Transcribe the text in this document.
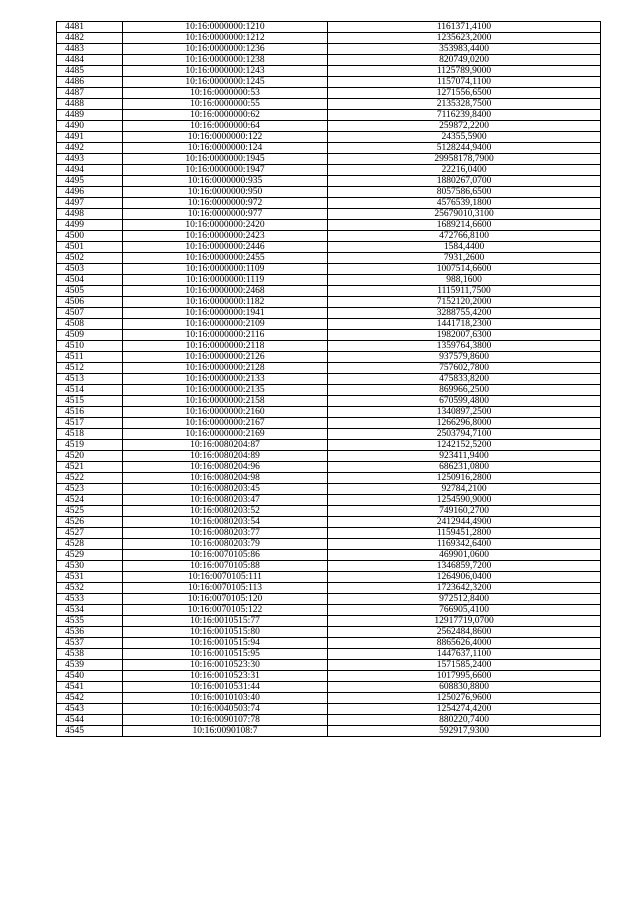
4481	10:16:0000000:1210	1161371,4100
4482	10:16:0000000:1212	1235623,2000
4483	10:16:0000000:1236	353983,4400
4484	10:16:0000000:1238	820749,0200
4485	10:16:0000000:1243	1125789,9000
4486	10:16:0000000:1245	1157074,1100
4487	10:16:0000000:53	1271556,6500
4488	10:16:0000000:55	2135328,7500
4489	10:16:0000000:62	7116239,8400
4490	10:16:0000000:64	259872,2200
4491	10:16:0000000:122	24355,5900
4492	10:16:0000000:124	5128244,9400
4493	10:16:0000000:1945	29958178,7900
4494	10:16:0000000:1947	22216,0400
4495	10:16:0000000:935	1880267,0700
4496	10:16:0000000:950	8057586,6500
4497	10:16:0000000:972	4576539,1800
4498	10:16:0000000:977	25679010,3100
4499	10:16:0000000:2420	1689214,6600
4500	10:16:0000000:2423	472766,8100
4501	10:16:0000000:2446	1584,4400
4502	10:16:0000000:2455	7931,2600
4503	10:16:0000000:1109	1007514,6600
4504	10:16:0000000:1119	988,1600
4505	10:16:0000000:2468	1115911,7500
4506	10:16:0000000:1182	7152120,2000
4507	10:16:0000000:1941	3288755,4200
4508	10:16:0000000:2109	1441718,2300
4509	10:16:0000000:2116	1982007,6300
4510	10:16:0000000:2118	1359764,3800
4511	10:16:0000000:2126	937579,8600
4512	10:16:0000000:2128	757602,7800
4513	10:16:0000000:2133	475833,8200
4514	10:16:0000000:2135	869966,2500
4515	10:16:0000000:2158	670599,4800
4516	10:16:0000000:2160	1340897,2500
4517	10:16:0000000:2167	1266296,8000
4518	10:16:0000000:2169	2503794,7100
4519	10:16:0080204:87	1242152,5200
4520	10:16:0080204:89	923411,9400
4521	10:16:0080204:96	686231,0800
4522	10:16:0080204:98	1250916,2800
4523	10:16:0080203:45	92784,2100
4524	10:16:0080203:47	1254590,9000
4525	10:16:0080203:52	749160,2700
4526	10:16:0080203:54	2412944,4900
4527	10:16:0080203:77	1159451,2800
4528	10:16:0080203:79	1169342,6400
4529	10:16:0070105:86	469901,0600
4530	10:16:0070105:88	1346859,7200
4531	10:16:0070105:111	1264906,0400
4532	10:16:0070105:113	1723642,3200
4533	10:16:0070105:120	972512,8400
4534	10:16:0070105:122	766905,4100
4535	10:16:0010515:77	12917719,0700
4536	10:16:0010515:80	2562484,8600
4537	10:16:0010515:94	8865626,4000
4538	10:16:0010515:95	1447637,1100
4539	10:16:0010523:30	1571585,2400
4540	10:16:0010523:31	1017995,6600
4541	10:16:0010531:44	608830,8800
4542	10:16:0010103:40	1250276,9600
4543	10:16:0040503:74	1254274,4200
4544	10:16:0090107:78	880220,7400
4545	10:16:0090108:7	592917,9300
